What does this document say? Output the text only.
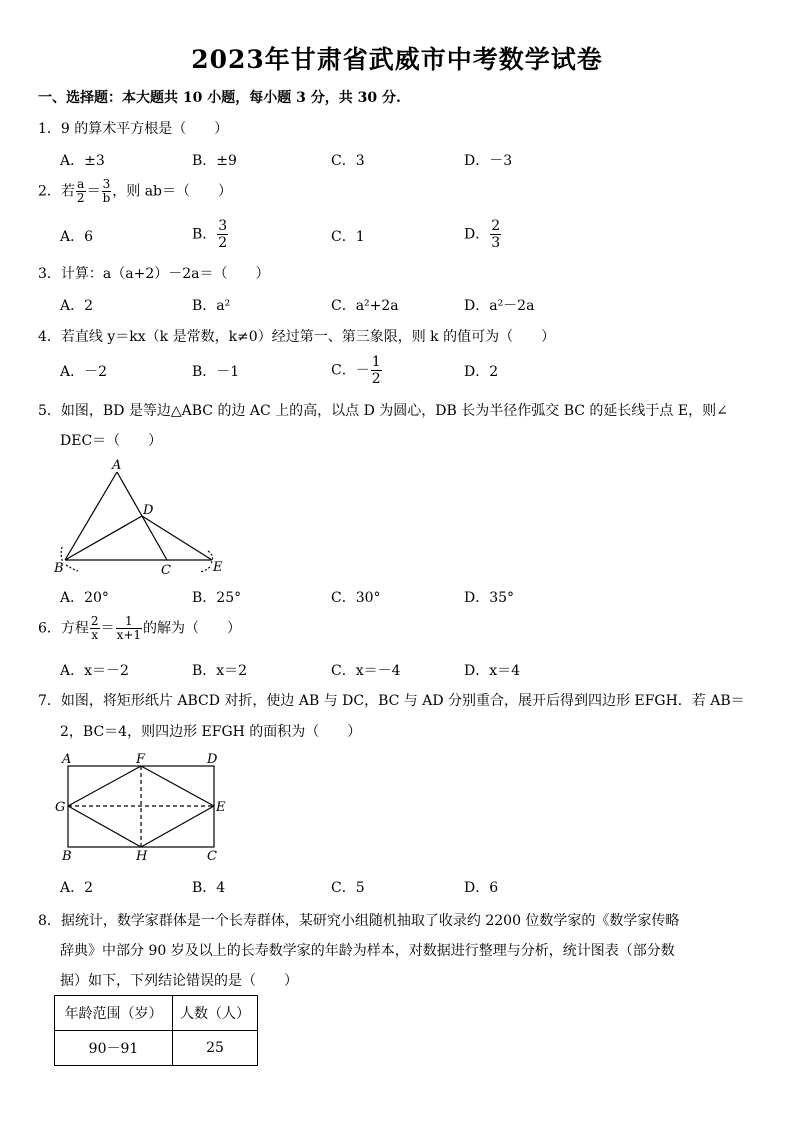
2023年甘肃省武威市中考数学试卷
一、选择题：本大题共 10 小题，每小题 3 分，共 30 分.
1．9 的算术平方根是（　　）
A．±3	B．±9	C．3	D．－3
2．若 $\frac{a}{2} = \frac{3}{b}$ ，则 ab＝（　　）
A．6	B． $\frac{3}{2}$	C．1	D． $\frac{2}{3}$
3．计算：a（a+2）－2a＝（　　）
A．2	B．a²	C．a²+2a	D．a²－2a
4．若直线 y＝kx（k 是常数，k≠0）经过第一、第三象限，则 k 的值可为（　　）
A．－2	B．－1	C．－ $\frac{1}{2}$	D．2
5．如图，BD 是等边△ABC 的边 AC 上的高，以点 D 为圆心，DB 长为半径作弧交 BC 的延长线于点 E，则∠
DEC＝（　　）
A
B	C
D
E
A．20°	B．25°	C．30°	D．35°
6．方程 $\frac{2}{x} = \frac{1}{x+1}$ 的解为（　　）
A．x＝－2	B．x＝2	C．x＝－4	D．x＝4
7．如图，将矩形纸片 ABCD 对折，使边 AB 与 DC，BC 与 AD 分别重合，展开后得到四边形 EFGH．若 AB＝
2，BC＝4，则四边形 EFGH 的面积为（　　）
A	F	D
G	E
B	H	C
A．2	B．4	C．5	D．6
8．据统计，数学家群体是一个长寿群体，某研究小组随机抽取了收录约 2200 位数学家的《数学家传略
辞典》中部分 90 岁及以上的长寿数学家的年龄为样本，对数据进行整理与分析，统计图表（部分数
据）如下，下列结论错误的是（　　）
年龄范围（岁）	人数（人）
90－91	25
